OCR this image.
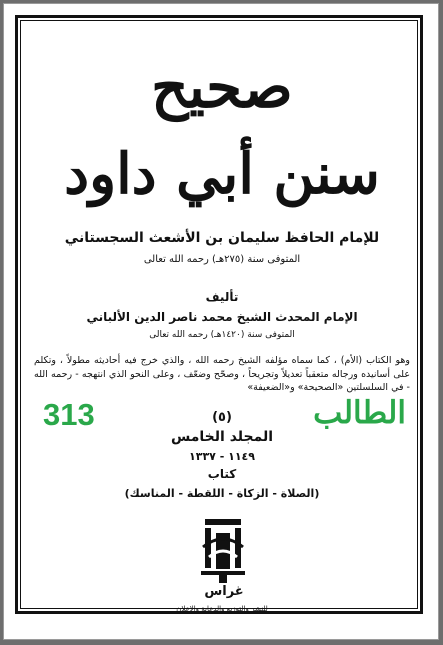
صحيح
سنن أبي داود
للإمام الحافظ سليمان بن الأشعث السجستاني
المتوفى سنة (٢٧٥هـ) رحمه الله تعالى
تأليف
الإمام المحدث الشيخ محمد ناصر الدين الألباني
المتوفى سنة (١٤٢٠هـ) رحمه الله تعالى
وهو الكتاب (الأم) ، كما سماه مؤلفه الشيخ رحمه الله ، والذي خرج فيه أحاديثه مطولاً ، وتكلم على أسانيده ورجاله متعقباً تعديلاً وتجريحاً ، وصحّح وضعّف ، وعلى النحو الذي انتهجه - رحمه الله - في السلسلتين «الصحيحة» و«الضعيفة»
(٥)
المجلد الخامس
١١٤٩ - ١٣٣٧
كتاب
(الصلاة - الزكاة - اللقطة - المناسك)
غراس
للنشر والتوزيع والدعاية والإعلان
313	الطالب
